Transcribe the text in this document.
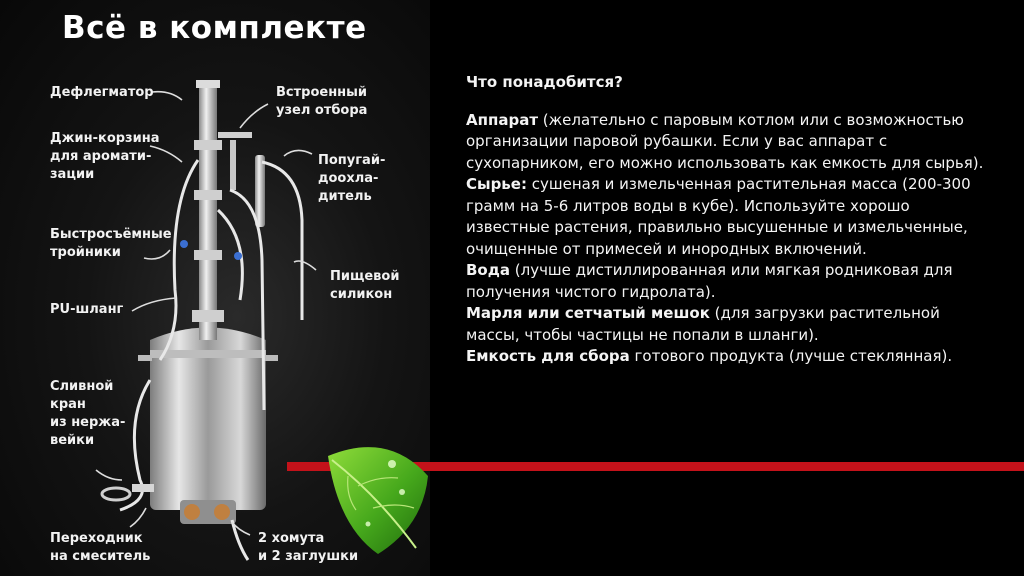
Всё в комплекте
Дефлегматор
Джин-корзина
для аромати-
зации
Быстросъёмные
тройники
PU-шланг
Сливной
кран
из нержа-
вейки
Переходник
на смеситель
Встроенный
узел отбора
Попугай-
доохла-
дитель
Пищевой
силикон
2 хомута
и 2 заглушки

Что понадобится?

Аппарат (желательно с паровым котлом или с возможностью организации паровой рубашки. Если у вас аппарат с сухопарником, его можно использовать как емкость для сырья).

Сырье: сушеная и измельченная растительная масса (200-300 грамм на 5-6 литров воды в кубе). Используйте хорошо известные растения, правильно высушенные и измельченные, очищенные от примесей и инородных включений.

Вода (лучше дистиллированная или мягкая родниковая для получения чистого гидролата).

Марля или сетчатый мешок (для загрузки растительной массы, чтобы частицы не попали в шланги).

Емкость для сбора готового продукта (лучше стеклянная).
